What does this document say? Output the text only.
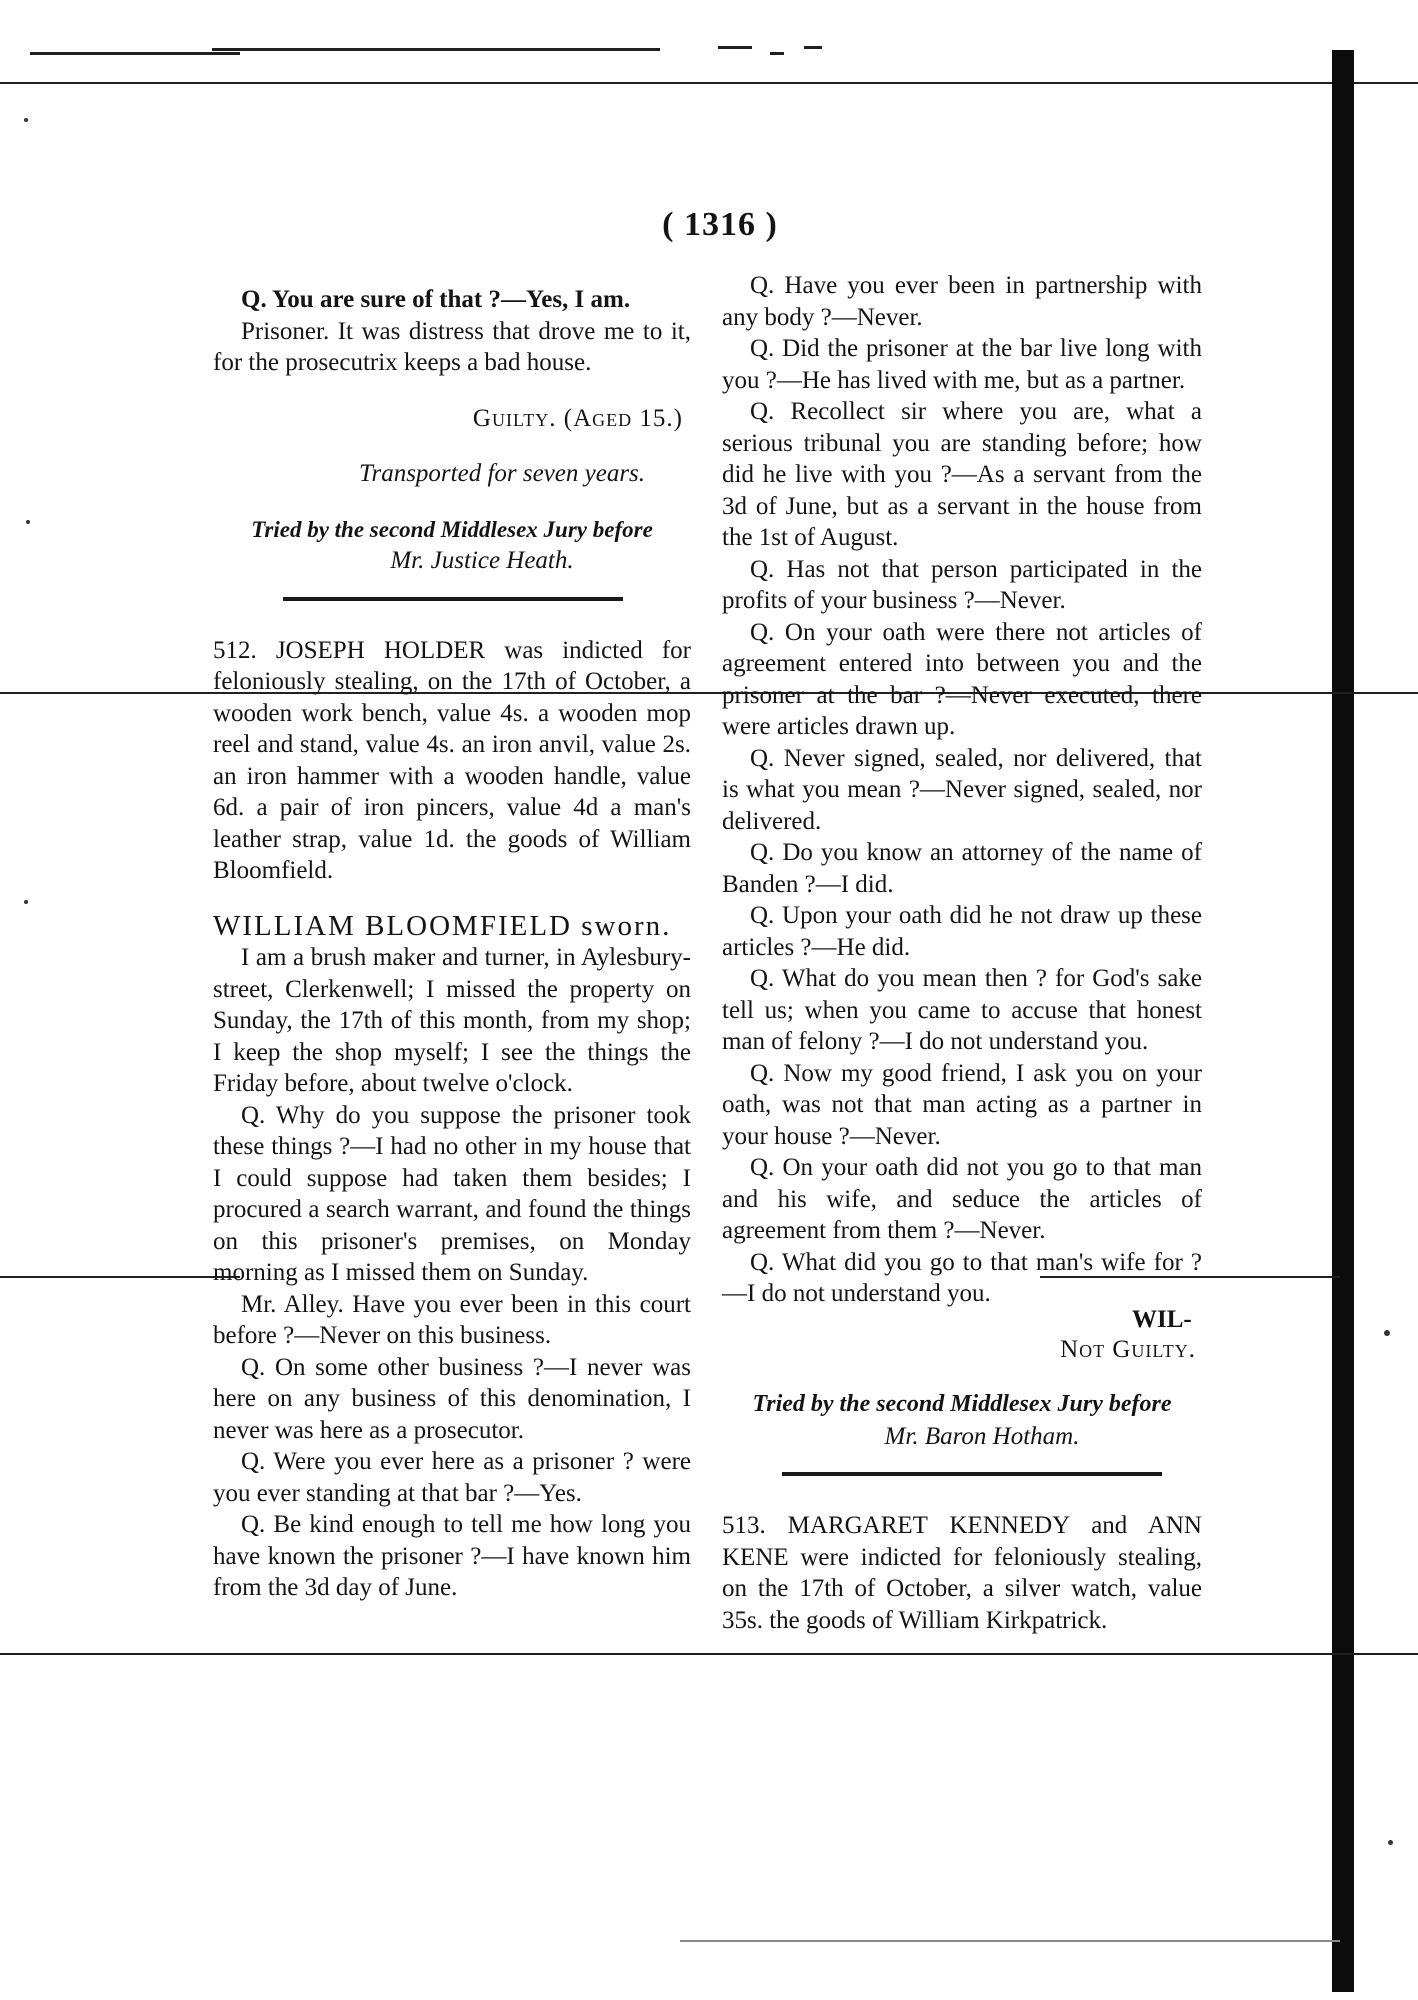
( 1316 )

Q. You are sure of that ?—Yes, I am.

Prisoner. It was distress that drove me to it, for the prosecutrix keeps a bad house.

Guilty. (Aged 15.)

Transported for seven years.

Tried by the second Middlesex Jury before

Mr. Justice Heath.

512. JOSEPH HOLDER was indicted for feloniously stealing, on the 17th of October, a wooden work bench, value 4s. a wooden mop reel and stand, value 4s. an iron anvil, value 2s. an iron hammer with a wooden handle, value 6d. a pair of iron pincers, value 4d a man's leather strap, value 1d. the goods of William Bloomfield.

WILLIAM BLOOMFIELD sworn.

I am a brush maker and turner, in Aylesbury-street, Clerkenwell; I missed the property on Sunday, the 17th of this month, from my shop; I keep the shop myself; I see the things the Friday before, about twelve o'clock.

Q. Why do you suppose the prisoner took these things ?—I had no other in my house that I could suppose had taken them besides; I procured a search warrant, and found the things on this prisoner's premises, on Monday morning as I missed them on Sunday.

Mr. Alley. Have you ever been in this court before ?—Never on this business.

Q. On some other business ?—I never was here on any business of this denomination, I never was here as a prosecutor.

Q. Were you ever here as a prisoner ? were you ever standing at that bar ?—Yes.

Q. Be kind enough to tell me how long you have known the prisoner ?—I have known him from the 3d day of June.

Q. Have you ever been in partnership with any body ?—Never.

Q. Did the prisoner at the bar live long with you ?—He has lived with me, but as a partner.

Q. Recollect sir where you are, what a serious tribunal you are standing before; how did he live with you ?—As a servant from the 3d of June, but as a servant in the house from the 1st of August.

Q. Has not that person participated in the profits of your business ?—Never.

Q. On your oath were there not articles of agreement entered into between you and the prisoner at the bar ?—Never executed, there were articles drawn up.

Q. Never signed, sealed, nor delivered, that is what you mean ?—Never signed, sealed, nor delivered.

Q. Do you know an attorney of the name of Banden ?—I did.

Q. Upon your oath did he not draw up these articles ?—He did.

Q. What do you mean then ? for God's sake tell us; when you came to accuse that honest man of felony ?—I do not understand you.

Q. Now my good friend, I ask you on your oath, was not that man acting as a partner in your house ?—Never.

Q. On your oath did not you go to that man and his wife, and seduce the articles of agreement from them ?—Never.

Q. What did you go to that man's wife for ?—I do not understand you.

Not Guilty.

Tried by the second Middlesex Jury before

Mr. Baron Hotham.

513. MARGARET KENNEDY and ANN KENE were indicted for feloniously stealing, on the 17th of October, a silver watch, value 35s. the goods of William Kirkpatrick.

WIL-
